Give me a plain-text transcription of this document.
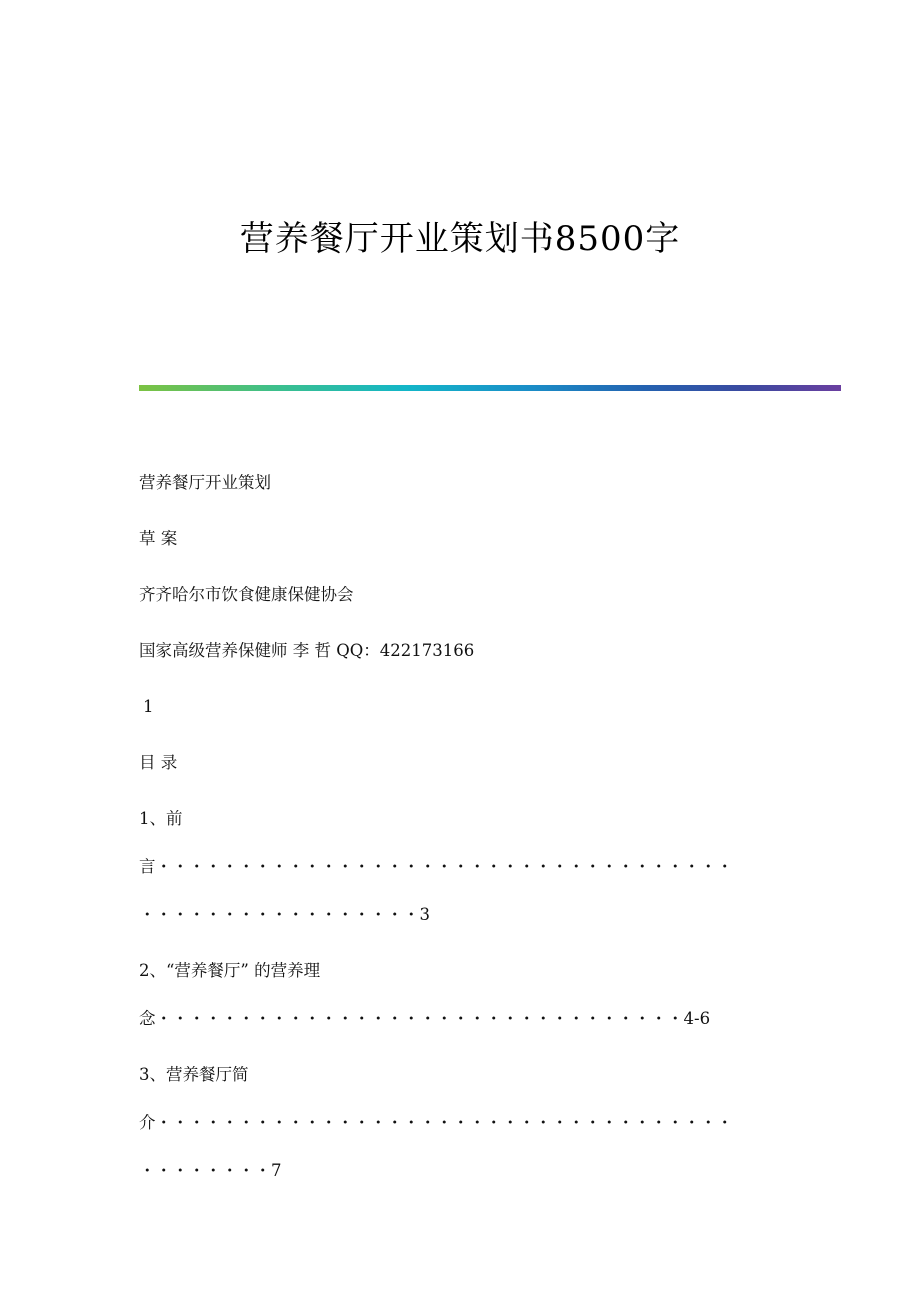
营养餐厅开业策划书8500字

营养餐厅开业策划

草 案

齐齐哈尔市饮食健康保健协会

国家高级营养保健师 李 哲 QQ：422173166

1

目 录

1、前

言・・・・・・・・・・・・・・・・・・・・・・・・・・・・・・・・・・・

・・・・・・・・・・・・・・・・・3

2、“营养餐厅” 的营养理

念・・・・・・・・・・・・・・・・・・・・・・・・・・・・・・・・4-6

3、营养餐厅简

介・・・・・・・・・・・・・・・・・・・・・・・・・・・・・・・・・・・

・・・・・・・・7
